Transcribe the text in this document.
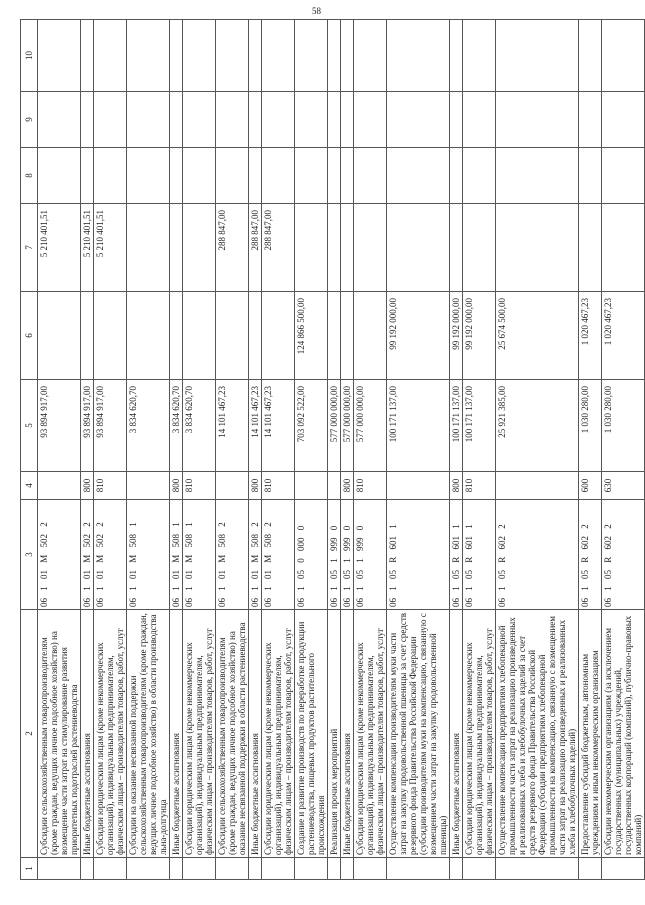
58
1	2	3	4	5	6	7	8	9	10
	Субсидии сельскохозяйственным товаропроизводителям (кроме граждан, ведущих личное подсобное хозяйство) на возмещение части затрат на стимулирование развития приоритетных подотраслей растениеводства	06 1 01 M 502 2		93 894 917,00		5 210 401,51			
	Иные бюджетные ассигнования	06 1 01 M 502 2	800	93 894 917,00		5 210 401,51			
	Субсидии юридическим лицам (кроме некоммерческих организаций), индивидуальным предпринимателям, физическим лицам – производителям товаров, работ, услуг	06 1 01 M 502 2	810	93 894 917,00		5 210 401,51			
	Субсидии на оказание несвязанной поддержки сельскохозяйственным товаропроизводителям (кроме граждан, ведущих личное подсобное хозяйство) в области производства льна-долгунца	06 1 01 M 508 1		3 834 620,70					
	Иные бюджетные ассигнования	06 1 01 M 508 1	800	3 834 620,70					
	Субсидии юридическим лицам (кроме некоммерческих организаций), индивидуальным предпринимателям, физическим лицам – производителям товаров, работ, услуг	06 1 01 M 508 1	810	3 834 620,70					
	Субсидии сельскохозяйственным товаропроизводителям (кроме граждан, ведущих личное подсобное хозяйство) на оказание несвязанной поддержки в области растениеводства	06 1 01 M 508 2		14 101 467,23		288 847,00			
	Иные бюджетные ассигнования	06 1 01 M 508 2	800	14 101 467,23		288 847,00			
	Субсидии юридическим лицам (кроме некоммерческих организаций), индивидуальным предпринимателям, физическим лицам – производителям товаров, работ, услуг	06 1 01 M 508 2	810	14 101 467,23		288 847,00			
	Создание и развитие производств по переработке продукции растениеводства, пищевых продуктов растительного происхождения	06 1 05 0 000 0		703 092 522,00	124 866 500,00				
	Реализация прочих мероприятий	06 1 05 1 999 0		577 000 000,00					
	Иные бюджетные ассигнования	06 1 05 1 999 0	800	577 000 000,00					
	Субсидии юридическим лицам (кроме некоммерческих организаций), индивидуальным предпринимателям, физическим лицам – производителям товаров, работ, услуг	06 1 05 1 999 0	810	577 000 000,00					
	Осуществление компенсации производителям муки части затрат на закупку продовольственной пшеницы за счет средств резервного фонда Правительства Российской Федерации (субсидии производителям муки на компенсацию, связанную с возмещением части затрат на закупку продовольственной пшеницы)	06 1 05 R 601 1		100 171 137,00	99 192 000,00				
	Иные бюджетные ассигнования	06 1 05 R 601 1	800	100 171 137,00	99 192 000,00				
	Субсидии юридическим лицам (кроме некоммерческих организаций), индивидуальным предпринимателям, физическим лицам – производителям товаров, работ, услуг	06 1 05 R 601 1	810	100 171 137,00	99 192 000,00				
	Осуществление компенсации предприятиям хлебопекарной промышленности части затрат на реализацию произведенных и реализованных хлеба и хлебобулочных изделий за счет средств резервного фонда Правительства Российской Федерации (субсидии предприятиям хлебопекарной промышленности на компенсацию, связанную с возмещением части затрат на реализацию произведенных и реализованных хлеба и хлебобулочных изделий)	06 1 05 R 602 2		25 921 385,00	25 674 500,00				
	Предоставление субсидий бюджетным, автономным учреждениям и иным некоммерческим организациям	06 1 05 R 602 2	600	1 030 280,00	1 020 467,23				
	Субсидии некоммерческим организациям (за исключением государственных (муниципальных) учреждений, государственных корпораций (компаний), публично-правовых компаний)	06 1 05 R 602 2	630	1 030 280,00	1 020 467,23				
